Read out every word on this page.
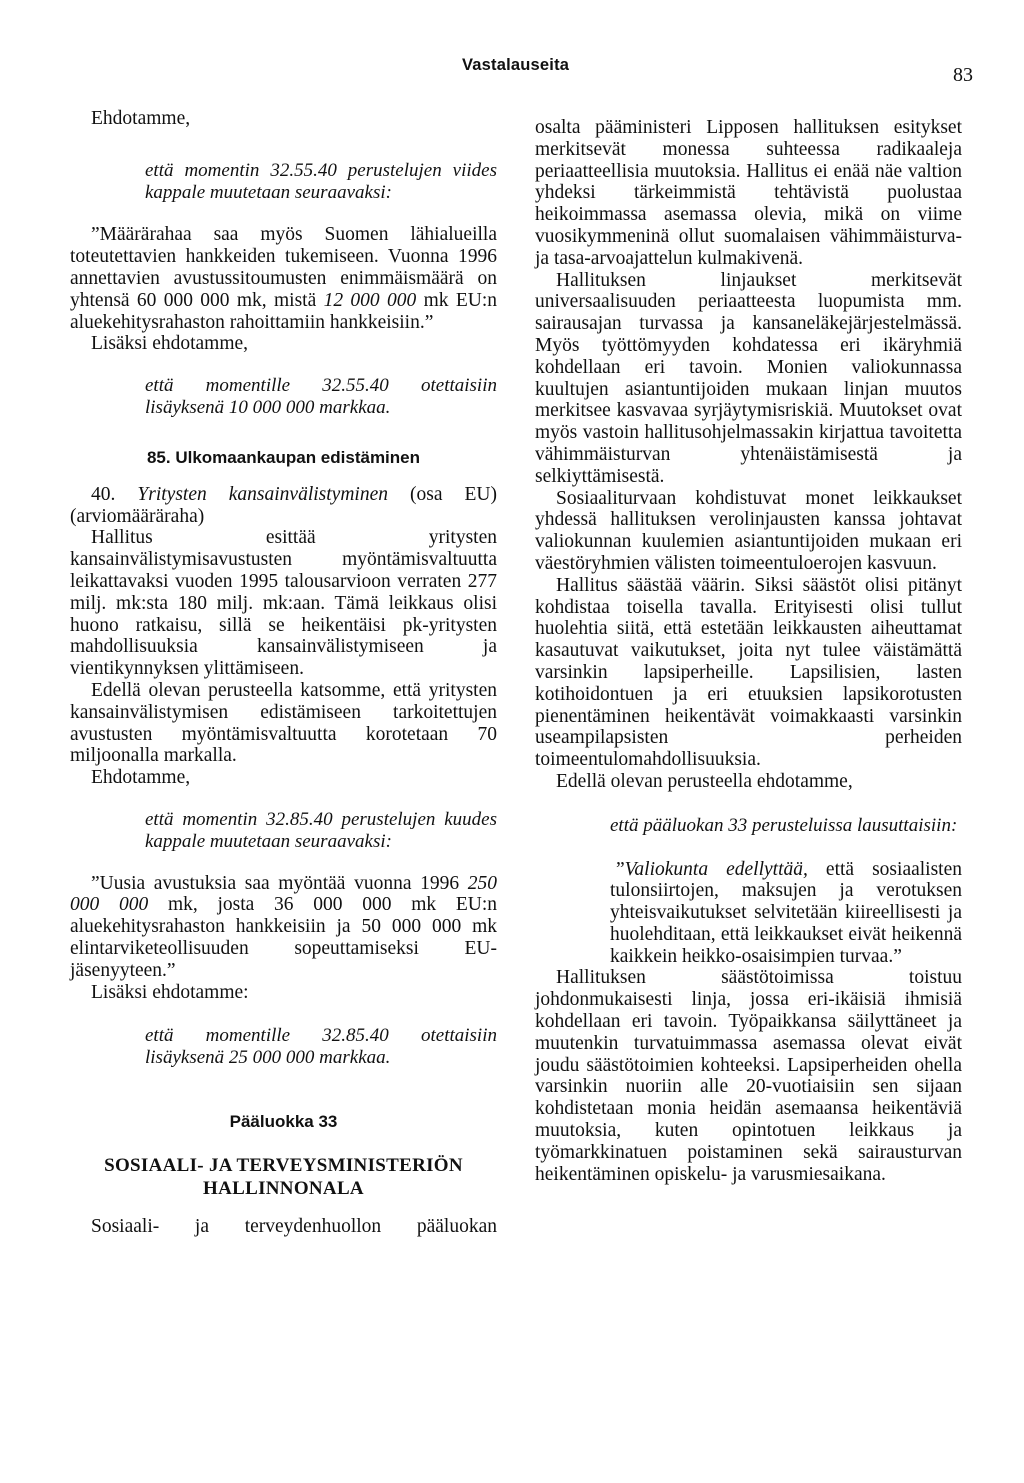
Vastalauseita	83

Ehdotamme,

että momentin 32.55.40 perustelujen viides kappale muutetaan seuraavaksi:

”Määrärahaa saa myös Suomen lähialueilla toteutettavien hankkeiden tukemiseen. Vuonna 1996 annettavien avustussitoumusten enimmäismäärä on yhtensä 60 000 000 mk, mistä 12 000 000 mk EU:n aluekehitysrahaston rahoittamiin hankkeisiin.”

Lisäksi ehdotamme,

että momentille 32.55.40 otettaisiin lisäyksenä 10 000 000 markkaa.

85. Ulkomaankaupan edistäminen

40. Yritysten kansainvälistyminen (osa EU) (arviomääräraha)

Hallitus esittää yritysten kansainvälistymisavustusten myöntämisvaltuutta leikattavaksi vuoden 1995 talousarvioon verraten 277 milj. mk:sta 180 milj. mk:aan. Tämä leikkaus olisi huono ratkaisu, sillä se heikentäisi pk-yritysten mahdollisuuksia kansainvälistymiseen ja vientikynnyksen ylittämiseen.

Edellä olevan perusteella katsomme, että yritysten kansainvälistymisen edistämiseen tarkoitettujen avustusten myöntämisvaltuutta korotetaan 70 miljoonalla markalla.

Ehdotamme,

että momentin 32.85.40 perustelujen kuudes kappale muutetaan seuraavaksi:

”Uusia avustuksia saa myöntää vuonna 1996 250 000 000 mk, josta 36 000 000 mk EU:n aluekehitysrahaston hankkeisiin ja 50 000 000 mk elintarviketeollisuuden sopeuttamiseksi EU-jäsenyyteen.”

Lisäksi ehdotamme:

että momentille 32.85.40 otettaisiin lisäyksenä 25 000 000 markkaa.

Pääluokka 33

SOSIAALI- JA TERVEYSMINISTERIÖN HALLINNONALA

Sosiaali- ja terveydenhuollon pääluokan

osalta pääministeri Lipposen hallituksen esitykset merkitsevät monessa suhteessa radikaaleja periaatteellisia muutoksia. Hallitus ei enää näe valtion yhdeksi tärkeimmistä tehtävistä puolustaa heikoimmassa asemassa olevia, mikä on viime vuosikymmeninä ollut suomalaisen vähimmäisturva- ja tasa-arvoajattelun kulmakivenä.

Hallituksen linjaukset merkitsevät universaalisuuden periaatteesta luopumista mm. sairausajan turvassa ja kansaneläkejärjestelmässä. Myös työttömyyden kohdatessa eri ikäryhmiä kohdellaan eri tavoin. Monien valiokunnassa kuultujen asiantuntijoiden mukaan linjan muutos merkitsee kasvavaa syrjäytymisriskiä. Muutokset ovat myös vastoin hallitusohjelmassakin kirjattua tavoitetta vähimmäisturvan yhtenäistämisestä ja selkiyttämisestä.

Sosiaaliturvaan kohdistuvat monet leikkaukset yhdessä hallituksen verolinjausten kanssa johtavat valiokunnan kuulemien asiantuntijoiden mukaan eri väestöryhmien välisten toimeentuloerojen kasvuun.

Hallitus säästää väärin. Siksi säästöt olisi pitänyt kohdistaa toisella tavalla. Erityisesti olisi tullut huolehtia siitä, että estetään leikkausten aiheuttamat kasautuvat vaikutukset, joita nyt tulee väistämättä varsinkin lapsiperheille. Lapsilisien, lasten kotihoidontuen ja eri etuuksien lapsikorotusten pienentäminen heikentävät voimakkaasti varsinkin useampilapsisten perheiden toimeentulomahdollisuuksia.

Edellä olevan perusteella ehdotamme,

että pääluokan 33 perusteluissa lausuttaisiin:

”Valiokunta edellyttää, että sosiaalisten tulonsiirtojen, maksujen ja verotuksen yhteisvaikutukset selvitetään kiireellisesti ja huolehditaan, että leikkaukset eivät heikennä kaikkein heikko-osaisimpien turvaa.”

Hallituksen säästötoimissa toistuu johdonmukaisesti linja, jossa eri-ikäisiä ihmisiä kohdellaan eri tavoin. Työpaikkansa säilyttäneet ja muutenkin turvatuimmassa asemassa olevat eivät joudu säästötoimien kohteeksi. Lapsiperheiden ohella varsinkin nuoriin alle 20-vuotiaisiin sen sijaan kohdistetaan monia heidän asemaansa heikentäviä muutoksia, kuten opintotuen leikkaus ja työmarkkinatuen poistaminen sekä sairausturvan heikentäminen opiskelu- ja varusmiesaikana.
